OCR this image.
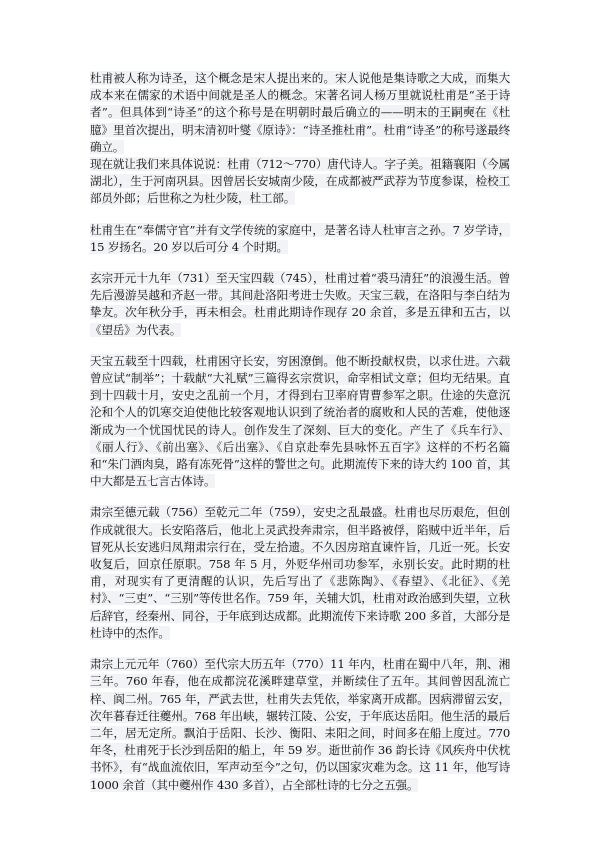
杜甫被人称为诗圣，这个概念是宋人提出来的。宋人说他是集诗歌之大成，而集大成本来在儒家的术语中间就是圣人的概念。宋著名词人杨万里就说杜甫是“圣于诗者”。但具体到“诗圣”的这个称号是在明朝时最后确立的——明末的王嗣奭在《杜臆》里首次提出，明末清初叶燮《原诗》：“诗圣推杜甫”。杜甫“诗圣”的称号遂最终确立。
现在就让我们来具体说说：杜甫（712～770）唐代诗人。字子美。祖籍襄阳（今属湖北），生于河南巩县。因曾居长安城南少陵，在成都被严武荐为节度参谋，检校工部员外郎；后世称之为杜少陵，杜工部。

杜甫生在“奉儒守官”并有文学传统的家庭中，是著名诗人杜审言之孙。7 岁学诗，15 岁扬名。20 岁以后可分 4 个时期。

玄宗开元十九年（731）至天宝四载（745），杜甫过着“裘马清狂”的浪漫生活。曾先后漫游吴越和齐赵一带。其间赴洛阳考进士失败。天宝三载，在洛阳与李白结为挚友。次年秋分手，再未相会。杜甫此期诗作现存 20 余首，多是五律和五古，以《望岳》为代表。

天宝五载至十四载，杜甫困守长安，穷困潦倒。他不断投献权贵，以求仕进。六载曾应试“制举”；十载献“大礼赋”三篇得玄宗赏识，命宰相试文章；但均无结果。直到十四载十月，安史之乱前一个月，才得到右卫率府胄曹参军之职。仕途的失意沉沦和个人的饥寒交迫使他比较客观地认识到了统治者的腐败和人民的苦难，使他逐渐成为一个忧国忧民的诗人。创作发生了深刻、巨大的变化。产生了《兵车行》、《丽人行》、《前出塞》、《后出塞》、《自京赴奉先县咏怀五百字》这样的不朽名篇和“朱门酒肉臭，路有冻死骨”这样的警世之句。此期流传下来的诗大约 100 首，其中大都是五七言古体诗。

肃宗至德元载（756）至乾元二年（759），安史之乱最盛。杜甫也尽历艰危，但创作成就很大。长安陷落后，他北上灵武投奔肃宗，但半路被俘，陷贼中近半年，后冒死从长安逃归凤翔肃宗行在，受左拾遗。不久因房琯直谏忤旨，几近一死。长安收复后，回京任原职。758 年 5 月，外贬华州司功参军，永别长安。此时期的杜甫，对现实有了更清醒的认识，先后写出了《悲陈陶》、《春望》、《北征》、《羌村》、“三吏”、“三别”等传世名作。759 年，关辅大饥，杜甫对政治感到失望，立秋后辞官，经秦州、同谷，于年底到达成都。此期流传下来诗歌 200 多首，大部分是杜诗中的杰作。

肃宗上元元年（760）至代宗大历五年（770）11 年内，杜甫在蜀中八年，荆、湘三年。760 年春，他在成都浣花溪畔建草堂，并断续住了五年。其间曾因乱流亡梓、阆二州。765 年，严武去世，杜甫失去凭依，举家离开成都。因病滞留云安，次年暮春迁往夔州。768 年出峡，辗转江陵、公安，于年底达岳阳。他生活的最后二年，居无定所。飘泊于岳阳、长沙、衡阳、耒阳之间，时间多在船上度过。770 年冬，杜甫死于长沙到岳阳的船上，年 59 岁。逝世前作 36 韵长诗《风疾舟中伏枕书怀》，有“战血流依旧，军声动至今”之句，仍以国家灾难为念。这 11 年，他写诗 1000 余首（其中夔州作 430 多首），占全部杜诗的七分之五强。
